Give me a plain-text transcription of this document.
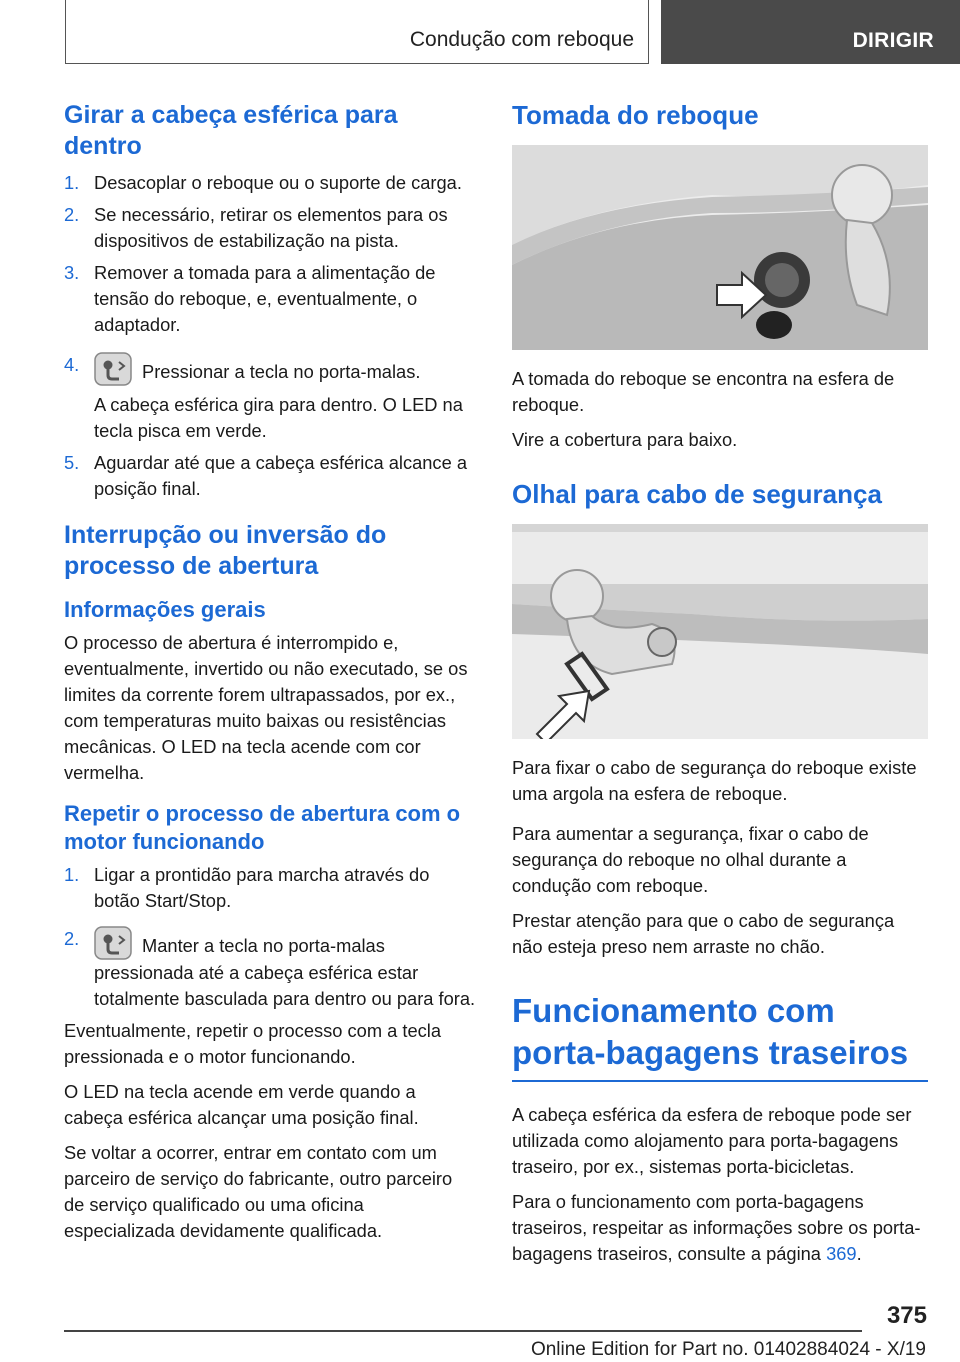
Condução com reboque	DIRIGIR
Girar a cabeça esférica para dentro
1. Desacoplar o reboque ou o suporte de carga.
2. Se necessário, retirar os elementos para os dispositivos de estabilização na pista.
3. Remover a tomada para a alimentação de tensão do reboque, e, eventualmente, o adaptador.
4.	Pressionar a tecla no porta-malas.
A cabeça esférica gira para dentro. O LED na tecla pisca em verde.
5. Aguardar até que a cabeça esférica alcance a posição final.
Interrupção ou inversão do processo de abertura
Informações gerais

O processo de abertura é interrompido e, eventualmente, invertido ou não executado, se os limites da corrente forem ultrapassados, por ex., com temperaturas muito baixas ou resistências mecânicas. O LED na tecla acende com cor vermelha.

Repetir o processo de abertura com o motor funcionando
1. Ligar a prontidão para marcha através do botão Start/Stop.
2.	Manter a tecla no porta-malas pressionada até a cabeça esférica estar totalmente basculada para dentro ou para fora.

Eventualmente, repetir o processo com a tecla pressionada e o motor funcionando.

O LED na tecla acende em verde quando a cabeça esférica alcançar uma posição final.

Se voltar a ocorrer, entrar em contato com um parceiro de serviço do fabricante, outro parceiro de serviço qualificado ou uma oficina especializada devidamente qualificada.

Tomada do reboque

A tomada do reboque se encontra na esfera de reboque.

Vire a cobertura para baixo.

Olhal para cabo de segurança

Para fixar o cabo de segurança do reboque existe uma argola na esfera de reboque.

Para aumentar a segurança, fixar o cabo de segurança do reboque no olhal durante a condução com reboque.

Prestar atenção para que o cabo de segurança não esteja preso nem arraste no chão.

Funcionamento com porta-bagagens traseiros

A cabeça esférica da esfera de reboque pode ser utilizada como alojamento para porta-bagagens traseiro, por ex., sistemas porta-bicicletas.

Para o funcionamento com porta-bagagens traseiros, respeitar as informações sobre os porta-bagagens traseiros, consulte a página 369.

375
Online Edition for Part no. 01402884024 - X/19
